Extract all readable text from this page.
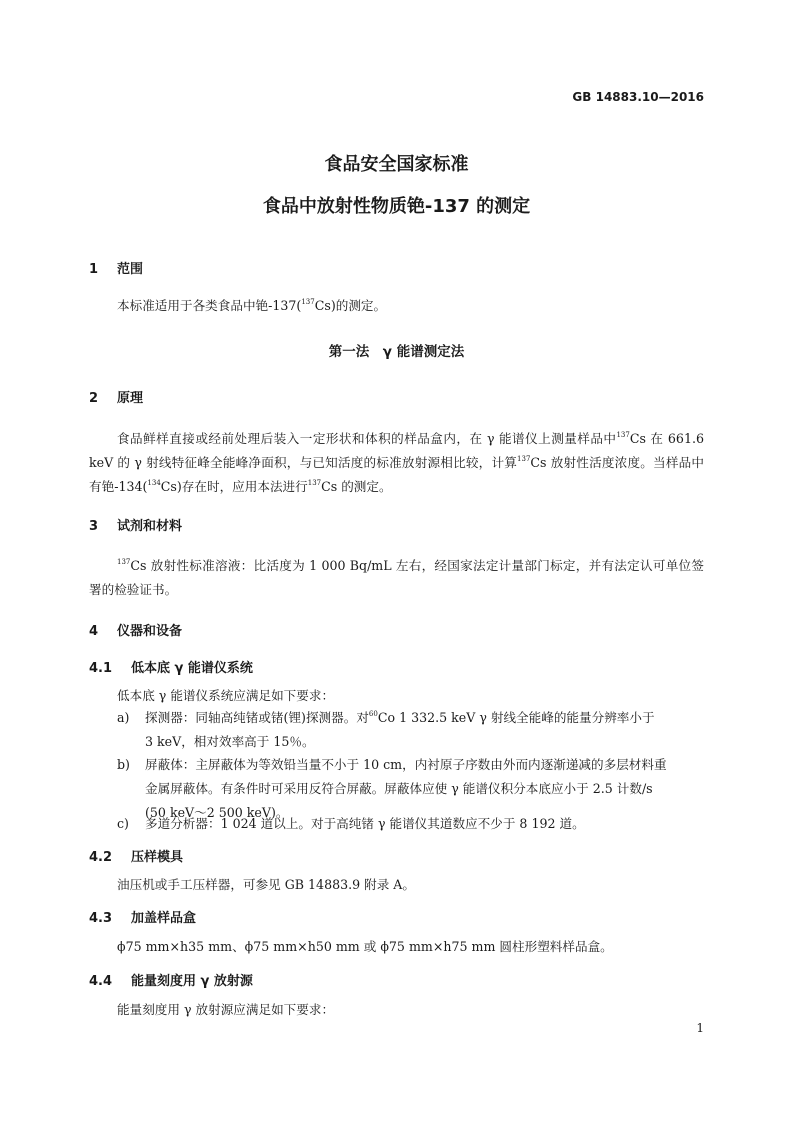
GB 14883.10—2016
食品安全国家标准
食品中放射性物质铯-137 的测定
1 范围
本标准适用于各类食品中铯-137($^{137}$Cs)的测定。
第一法　γ 能谱测定法
2 原理
食品鲜样直接或经前处理后装入一定形状和体积的样品盒内，在 γ 能谱仪上测量样品中$^{137}$Cs 在 661.6 keV 的 γ 射线特征峰全能峰净面积，与已知活度的标准放射源相比较，计算$^{137}$Cs 放射性活度浓度。当样品中有铯-134($^{134}$Cs)存在时，应用本法进行$^{137}$Cs 的测定。
3 试剂和材料
$^{137}$Cs 放射性标准溶液：比活度为 1 000 Bq/mL 左右，经国家法定计量部门标定，并有法定认可单位签署的检验证书。
4 仪器和设备
4.1 低本底 γ 能谱仪系统
低本底 γ 能谱仪系统应满足如下要求：
a) 探测器：同轴高纯锗或锗(锂)探测器。对$^{60}$Co 1 332.5 keV γ 射线全能峰的能量分辨率小于
3 keV，相对效率高于 15％。
b) 屏蔽体：主屏蔽体为等效铅当量不小于 10 cm，内衬原子序数由外而内逐渐递减的多层材料重
金属屏蔽体。有条件时可采用反符合屏蔽。屏蔽体应使 γ 能谱仪积分本底应小于 2.5 计数/s
(50 keV～2 500 keV)。
c) 多道分析器：1 024 道以上。对于高纯锗 γ 能谱仪其道数应不少于 8 192 道。
4.2 压样模具
油压机或手工压样器，可参见 GB 14883.9 附录 A。
4.3 加盖样品盒
ϕ75 mm×h35 mm、ϕ75 mm×h50 mm 或 ϕ75 mm×h75 mm 圆柱形塑料样品盒。
4.4 能量刻度用 γ 放射源
能量刻度用 γ 放射源应满足如下要求：
1
